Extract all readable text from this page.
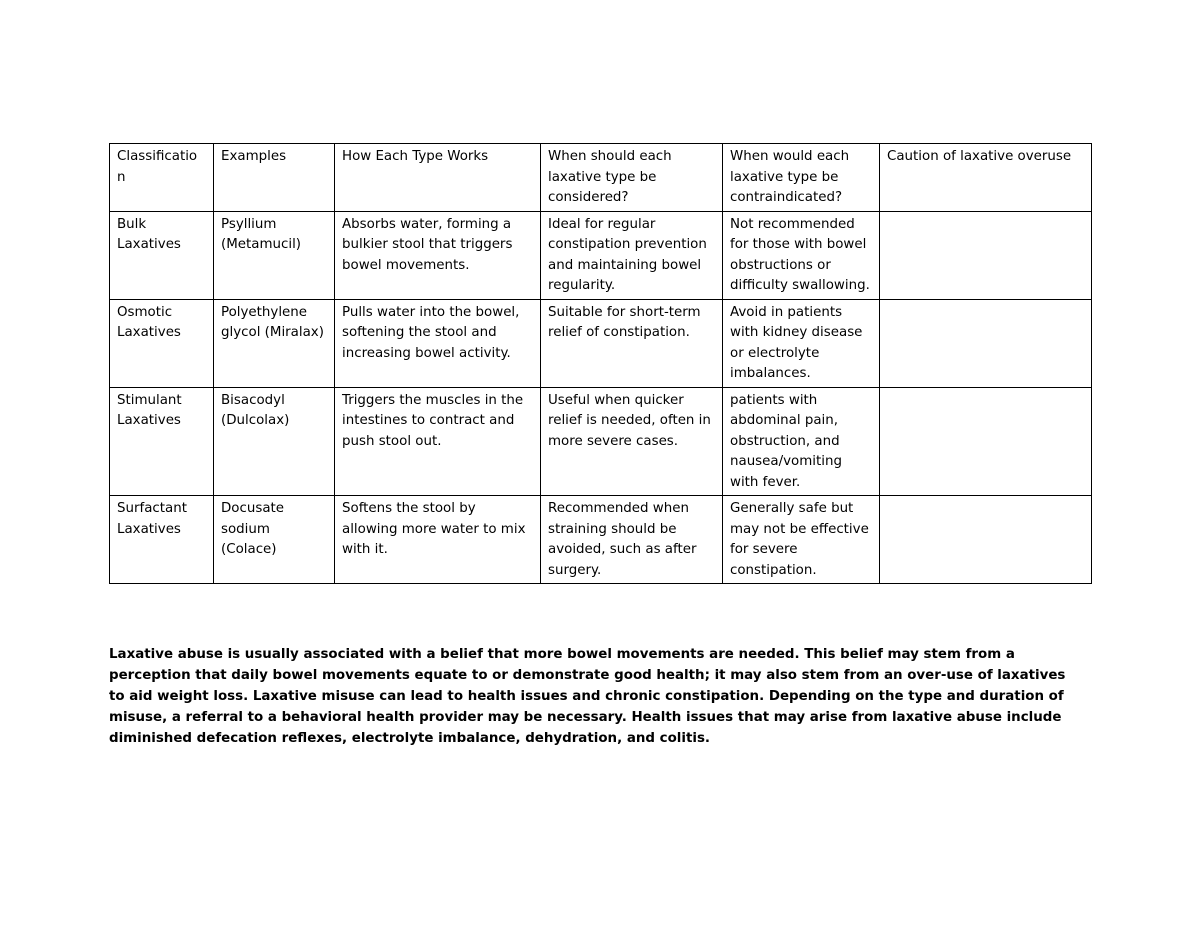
Classificatio n	Examples	How Each Type Works	When should each laxative type be considered?	When would each laxative type be contraindicated?	Caution of laxative overuse
Bulk Laxatives	Psyllium (Metamucil)	Absorbs water, forming a bulkier stool that triggers bowel movements.	Ideal for regular constipation prevention and maintaining bowel regularity.	Not recommended for those with bowel obstructions or difficulty swallowing.	
Osmotic Laxatives	Polyethylene glycol (Miralax)	Pulls water into the bowel, softening the stool and increasing bowel activity.	Suitable for short-term relief of constipation.	Avoid in patients with kidney disease or electrolyte imbalances.	
Stimulant Laxatives	Bisacodyl (Dulcolax)	Triggers the muscles in the intestines to contract and push stool out.	Useful when quicker relief is needed, often in more severe cases.	patients with abdominal pain, obstruction, and nausea/vomiting with fever.	
Surfactant Laxatives	Docusate sodium (Colace)	Softens the stool by allowing more water to mix with it.	Recommended when straining should be avoided, such as after surgery.	Generally safe but may not be effective for severe constipation.	

Laxative abuse is usually associated with a belief that more bowel movements are needed. This belief may stem from a perception that daily bowel movements equate to or demonstrate good health; it may also stem from an over-use of laxatives to aid weight loss. Laxative misuse can lead to health issues and chronic constipation. Depending on the type and duration of misuse, a referral to a behavioral health provider may be necessary. Health issues that may arise from laxative abuse include diminished defecation reflexes, electrolyte imbalance, dehydration, and colitis.
